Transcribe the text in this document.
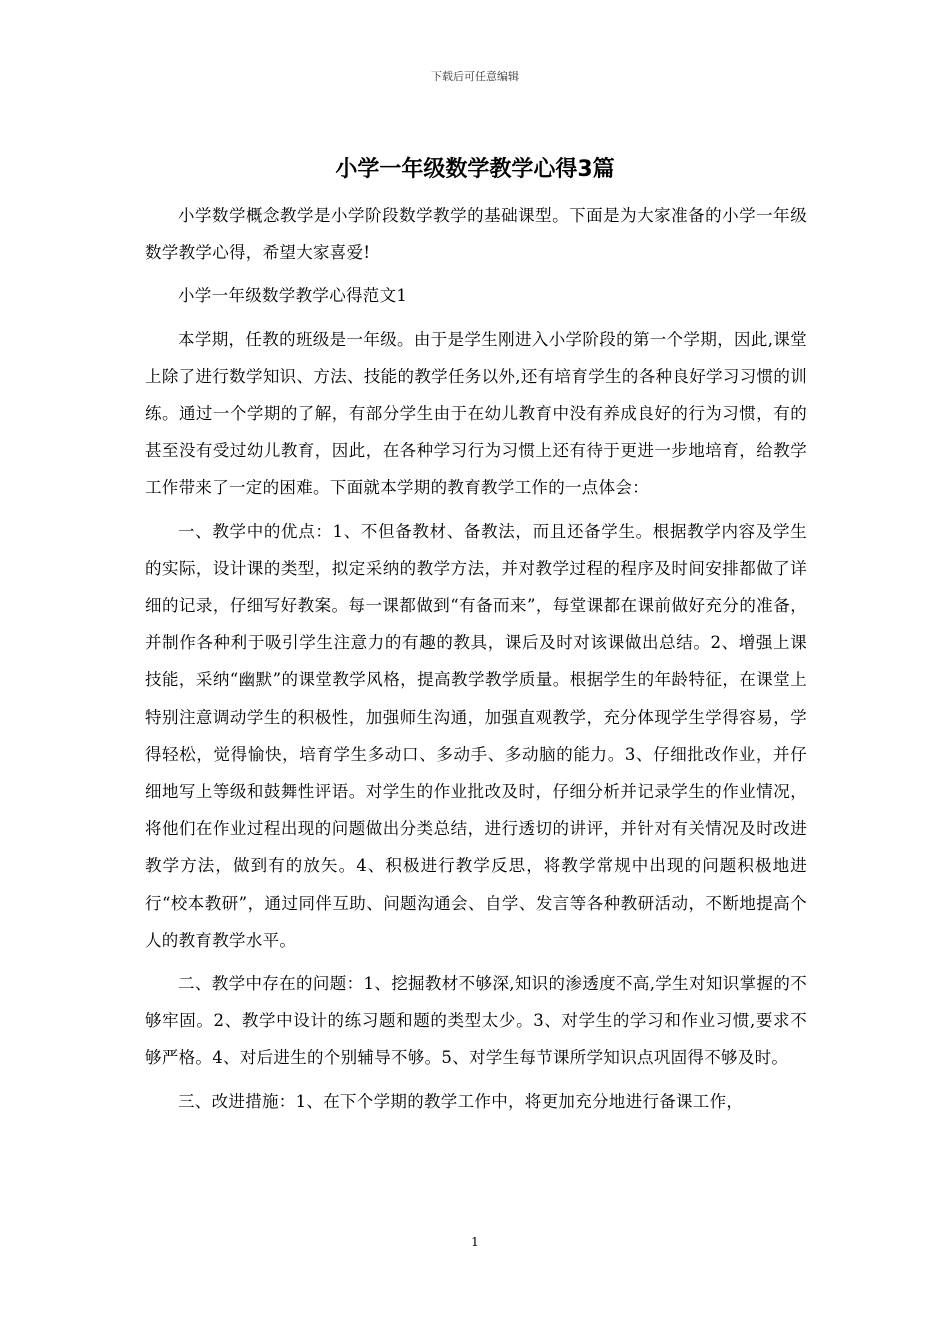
下载后可任意编辑
小学一年级数学教学心得3篇

小学数学概念教学是小学阶段数学教学的基础课型。下面是为大家准备的小学一年级数学教学心得，希望大家喜爱!

小学一年级数学教学心得范文1

本学期，任教的班级是一年级。由于是学生刚进入小学阶段的第一个学期，因此,课堂上除了进行数学知识、方法、技能的教学任务以外,还有培育学生的各种良好学习习惯的训练。通过一个学期的了解，有部分学生由于在幼儿教育中没有养成良好的行为习惯，有的甚至没有受过幼儿教育，因此，在各种学习行为习惯上还有待于更进一步地培育，给教学工作带来了一定的困难。下面就本学期的教育教学工作的一点体会：

一、教学中的优点：1、不但备教材、备教法，而且还备学生。根据教学内容及学生的实际，设计课的类型，拟定采纳的教学方法，并对教学过程的程序及时间安排都做了详细的记录，仔细写好教案。每一课都做到“有备而来”，每堂课都在课前做好充分的准备，并制作各种利于吸引学生注意力的有趣的教具，课后及时对该课做出总结。2、增强上课技能，采纳“幽默”的课堂教学风格，提高教学教学质量。根据学生的年龄特征，在课堂上特别注意调动学生的积极性，加强师生沟通，加强直观教学，充分体现学生学得容易，学得轻松，觉得愉快，培育学生多动口、多动手、多动脑的能力。3、仔细批改作业，并仔细地写上等级和鼓舞性评语。对学生的作业批改及时，仔细分析并记录学生的作业情况，将他们在作业过程出现的问题做出分类总结，进行透切的讲评，并针对有关情况及时改进教学方法，做到有的放矢。4、积极进行教学反思，将教学常规中出现的问题积极地进行“校本教研”，通过同伴互助、问题沟通会、自学、发言等各种教研活动，不断地提高个人的教育教学水平。

二、教学中存在的问题：1、挖掘教材不够深,知识的渗透度不高,学生对知识掌握的不够牢固。2、教学中设计的练习题和题的类型太少。3、对学生的学习和作业习惯,要求不够严格。4、对后进生的个别辅导不够。5、对学生每节课所学知识点巩固得不够及时。

三、改进措施：1、在下个学期的教学工作中，将更加充分地进行备课工作，

1
